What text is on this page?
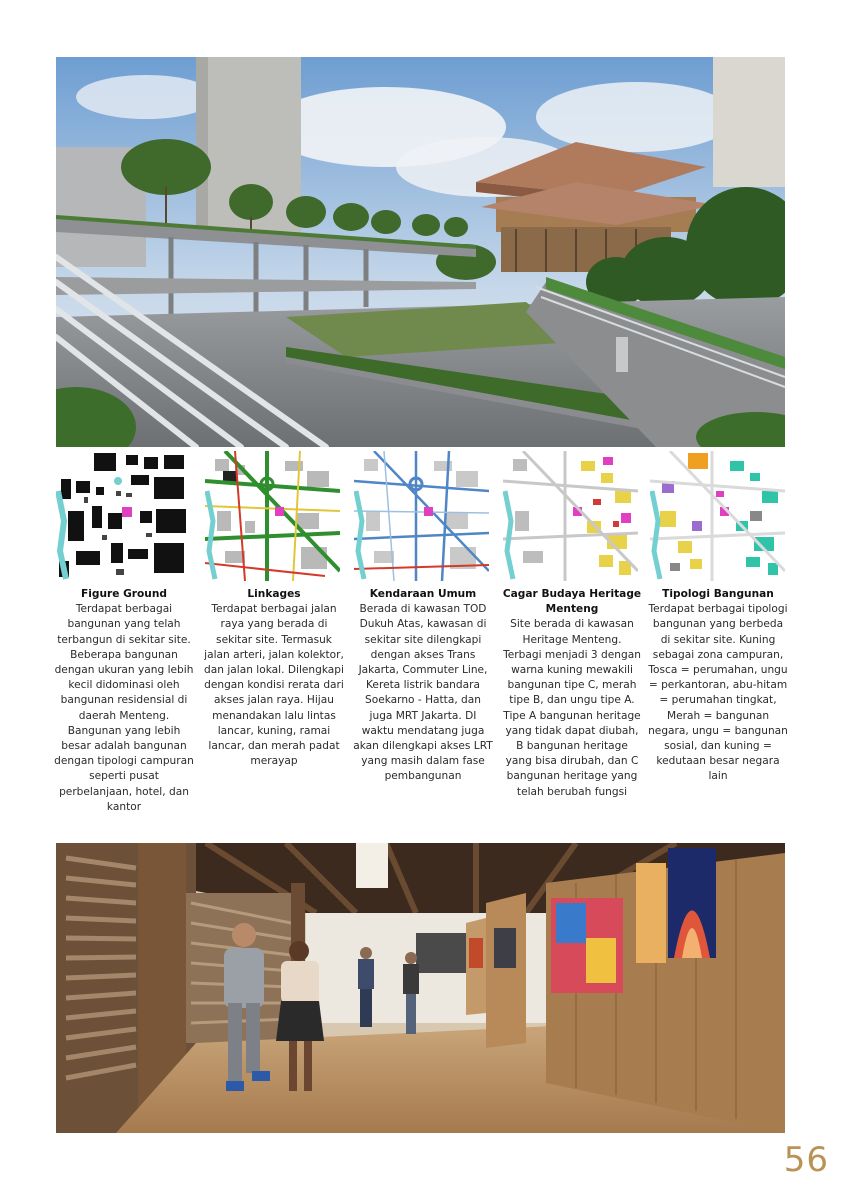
Figure Ground

Terdapat berbagai bangunan yang telah terbangun di sekitar site. Beberapa bangunan dengan ukuran yang lebih kecil didominasi oleh bangunan residensial di daerah Menteng. Bangunan yang lebih besar adalah bangunan dengan tipologi campuran seperti pusat perbelanjaan, hotel, dan kantor

Linkages

Terdapat berbagai jalan raya yang berada di sekitar site. Termasuk jalan arteri, jalan kolektor, dan jalan lokal. Dilengkapi dengan kondisi rerata dari akses jalan raya. Hijau menandakan lalu lintas lancar, kuning, ramai lancar, dan merah padat merayap

Kendaraan Umum

Berada di kawasan TOD Dukuh Atas, kawasan di sekitar site dilengkapi dengan akses Trans Jakarta, Commuter Line, Kereta listrik bandara Soekarno - Hatta, dan juga MRT Jakarta. DI waktu mendatang juga akan dilengkapi akses LRT yang masih dalam fase pembangunan

Cagar Budaya Heritage Menteng

Site berada di kawasan Heritage Menteng. Terbagi menjadi 3 dengan warna kuning mewakili bangunan tipe C, merah tipe B, dan ungu tipe A. Tipe A bangunan heritage yang tidak dapat diubah, B bangunan heritage yang bisa dirubah, dan C bangunan heritage yang telah berubah fungsi

Tipologi Bangunan

Terdapat berbagai tipologi bangunan yang berbeda di sekitar site. Kuning sebagai zona campuran, Tosca = perumahan, ungu = perkantoran, abu-hitam = perumahan tingkat, Merah = bangunan negara, ungu = bangunan sosial, dan kuning = kedutaan besar negara lain

56
